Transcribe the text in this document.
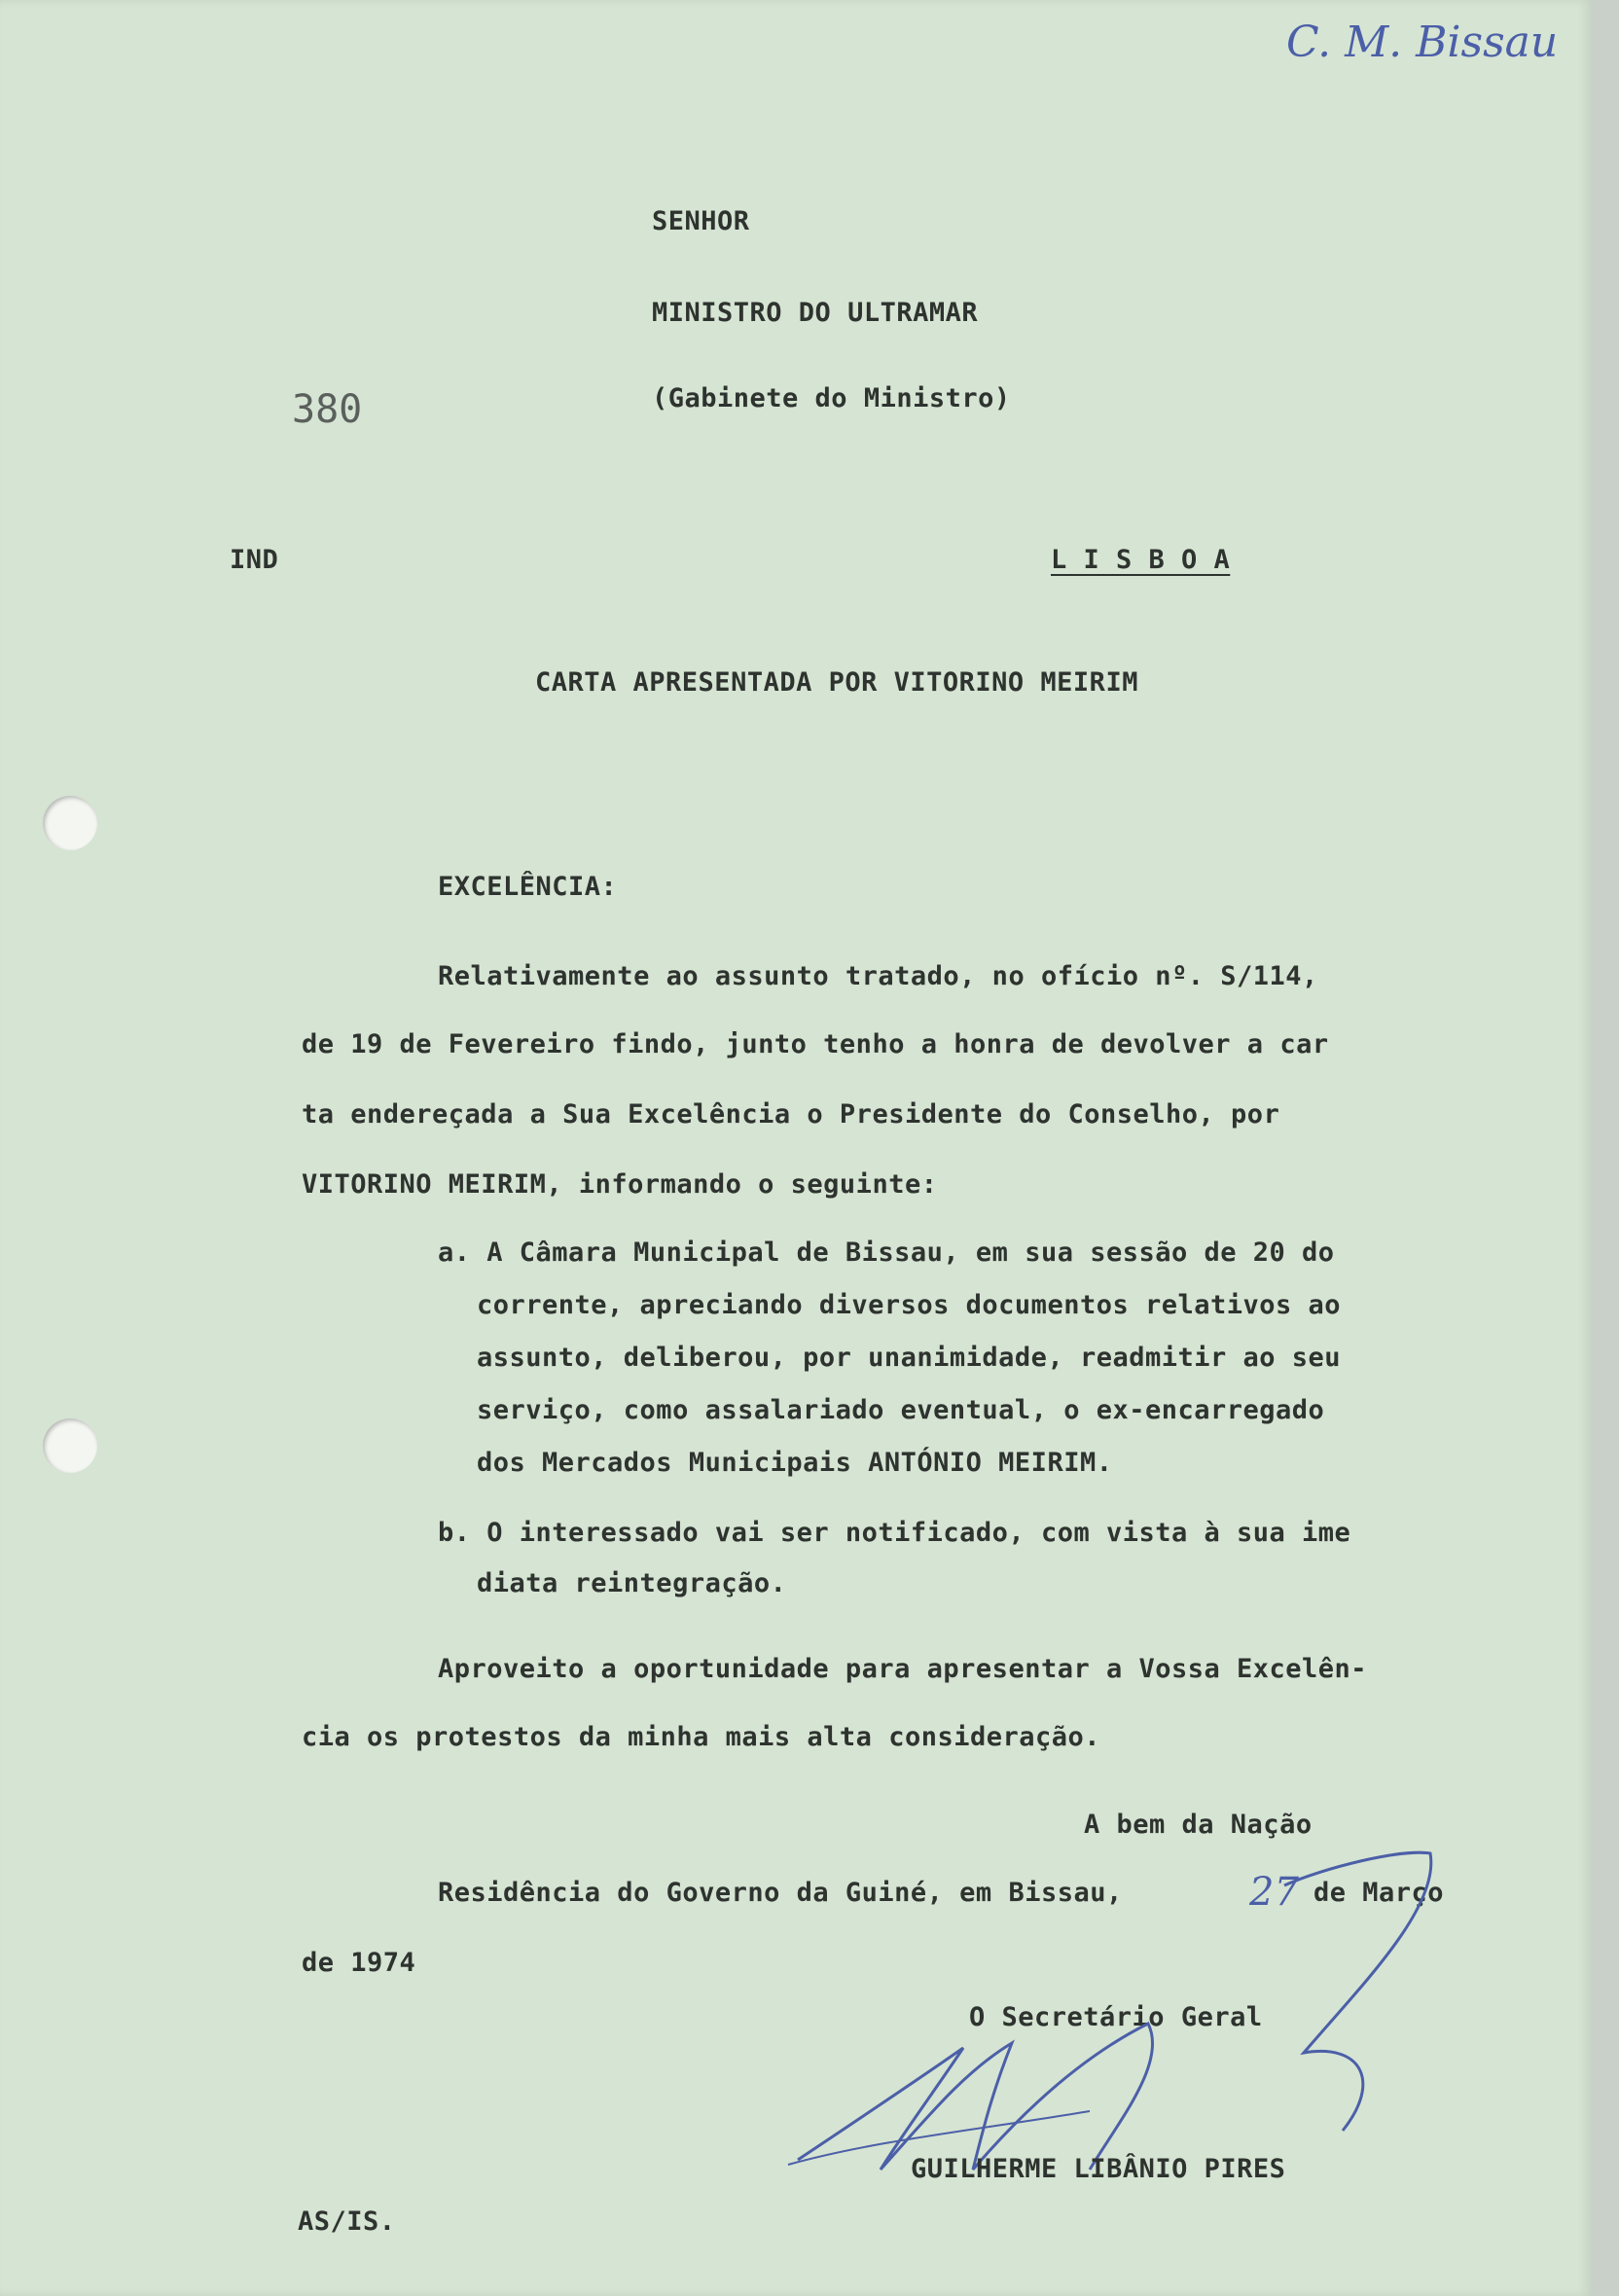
C. M. Bissau
380
SENHOR
MINISTRO DO ULTRAMAR
(Gabinete do Ministro)
IND	L I S B O A
CARTA APRESENTADA POR VITORINO MEIRIM
EXCELÊNCIA:
Relativamente ao assunto tratado, no ofício nº. S/114,
de 19 de Fevereiro findo, junto tenho a honra de devolver a car
ta endereçada a Sua Excelência o Presidente do Conselho, por
VITORINO MEIRIM, informando o seguinte:
a. A Câmara Municipal de Bissau, em sua sessão de 20 do
corrente, apreciando diversos documentos relativos ao
assunto, deliberou, por unanimidade, readmitir ao seu
serviço, como assalariado eventual, o ex-encarregado
dos Mercados Municipais ANTÓNIO MEIRIM.
b. O interessado vai ser notificado, com vista à sua ime
diata reintegração.
Aproveito a oportunidade para apresentar a Vossa Excelên-
cia os protestos da minha mais alta consideração.
A bem da Nação
Residência do Governo da Guiné, em Bissau,	27 de Março
de 1974
O Secretário Geral
GUILHERME LIBÂNIO PIRES
AS/IS.
